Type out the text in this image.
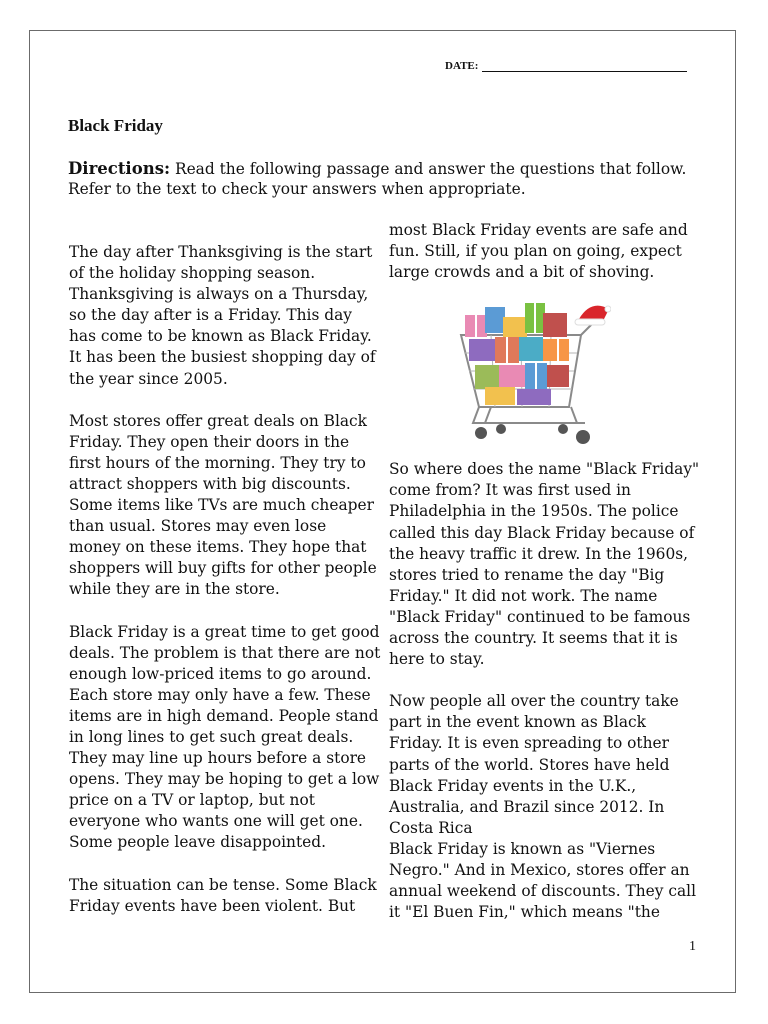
DATE:
Black Friday

Directions: Read the following passage and answer the questions that follow. Refer to the text to check your answers when appropriate.

The day after Thanksgiving is the start of the holiday shopping season. Thanksgiving is always on a Thursday, so the day after is a Friday. This day has come to be known as Black Friday. It has been the busiest shopping day of the year since 2005.

Most stores offer great deals on Black Friday. They open their doors in the first hours of the morning. They try to attract shoppers with big discounts. Some items like TVs are much cheaper than usual. Stores may even lose money on these items. They hope that shoppers will buy gifts for other people while they are in the store.

Black Friday is a great time to get good deals. The problem is that there are not enough low-priced items to go around. Each store may only have a few. These items are in high demand. People stand in long lines to get such great deals. They may line up hours before a store opens. They may be hoping to get a low price on a TV or laptop, but not everyone who wants one will get one. Some people leave disappointed.

The situation can be tense. Some Black Friday events have been violent. But

most Black Friday events are safe and fun. Still, if you plan on going, expect large crowds and a bit of shoving.

So where does the name "Black Friday" come from? It was first used in Philadelphia in the 1950s. The police called this day Black Friday because of the heavy traffic it drew. In the 1960s, stores tried to rename the day "Big Friday." It did not work. The name "Black Friday" continued to be famous across the country. It seems that it is here to stay.

Now people all over the country take part in the event known as Black Friday. It is even spreading to other parts of the world. Stores have held Black Friday events in the U.K., Australia, and Brazil since 2012. In Costa Rica

Black Friday is known as "Viernes Negro." And in Mexico, stores offer an annual weekend of discounts. They call it "El Buen Fin," which means "the

1
